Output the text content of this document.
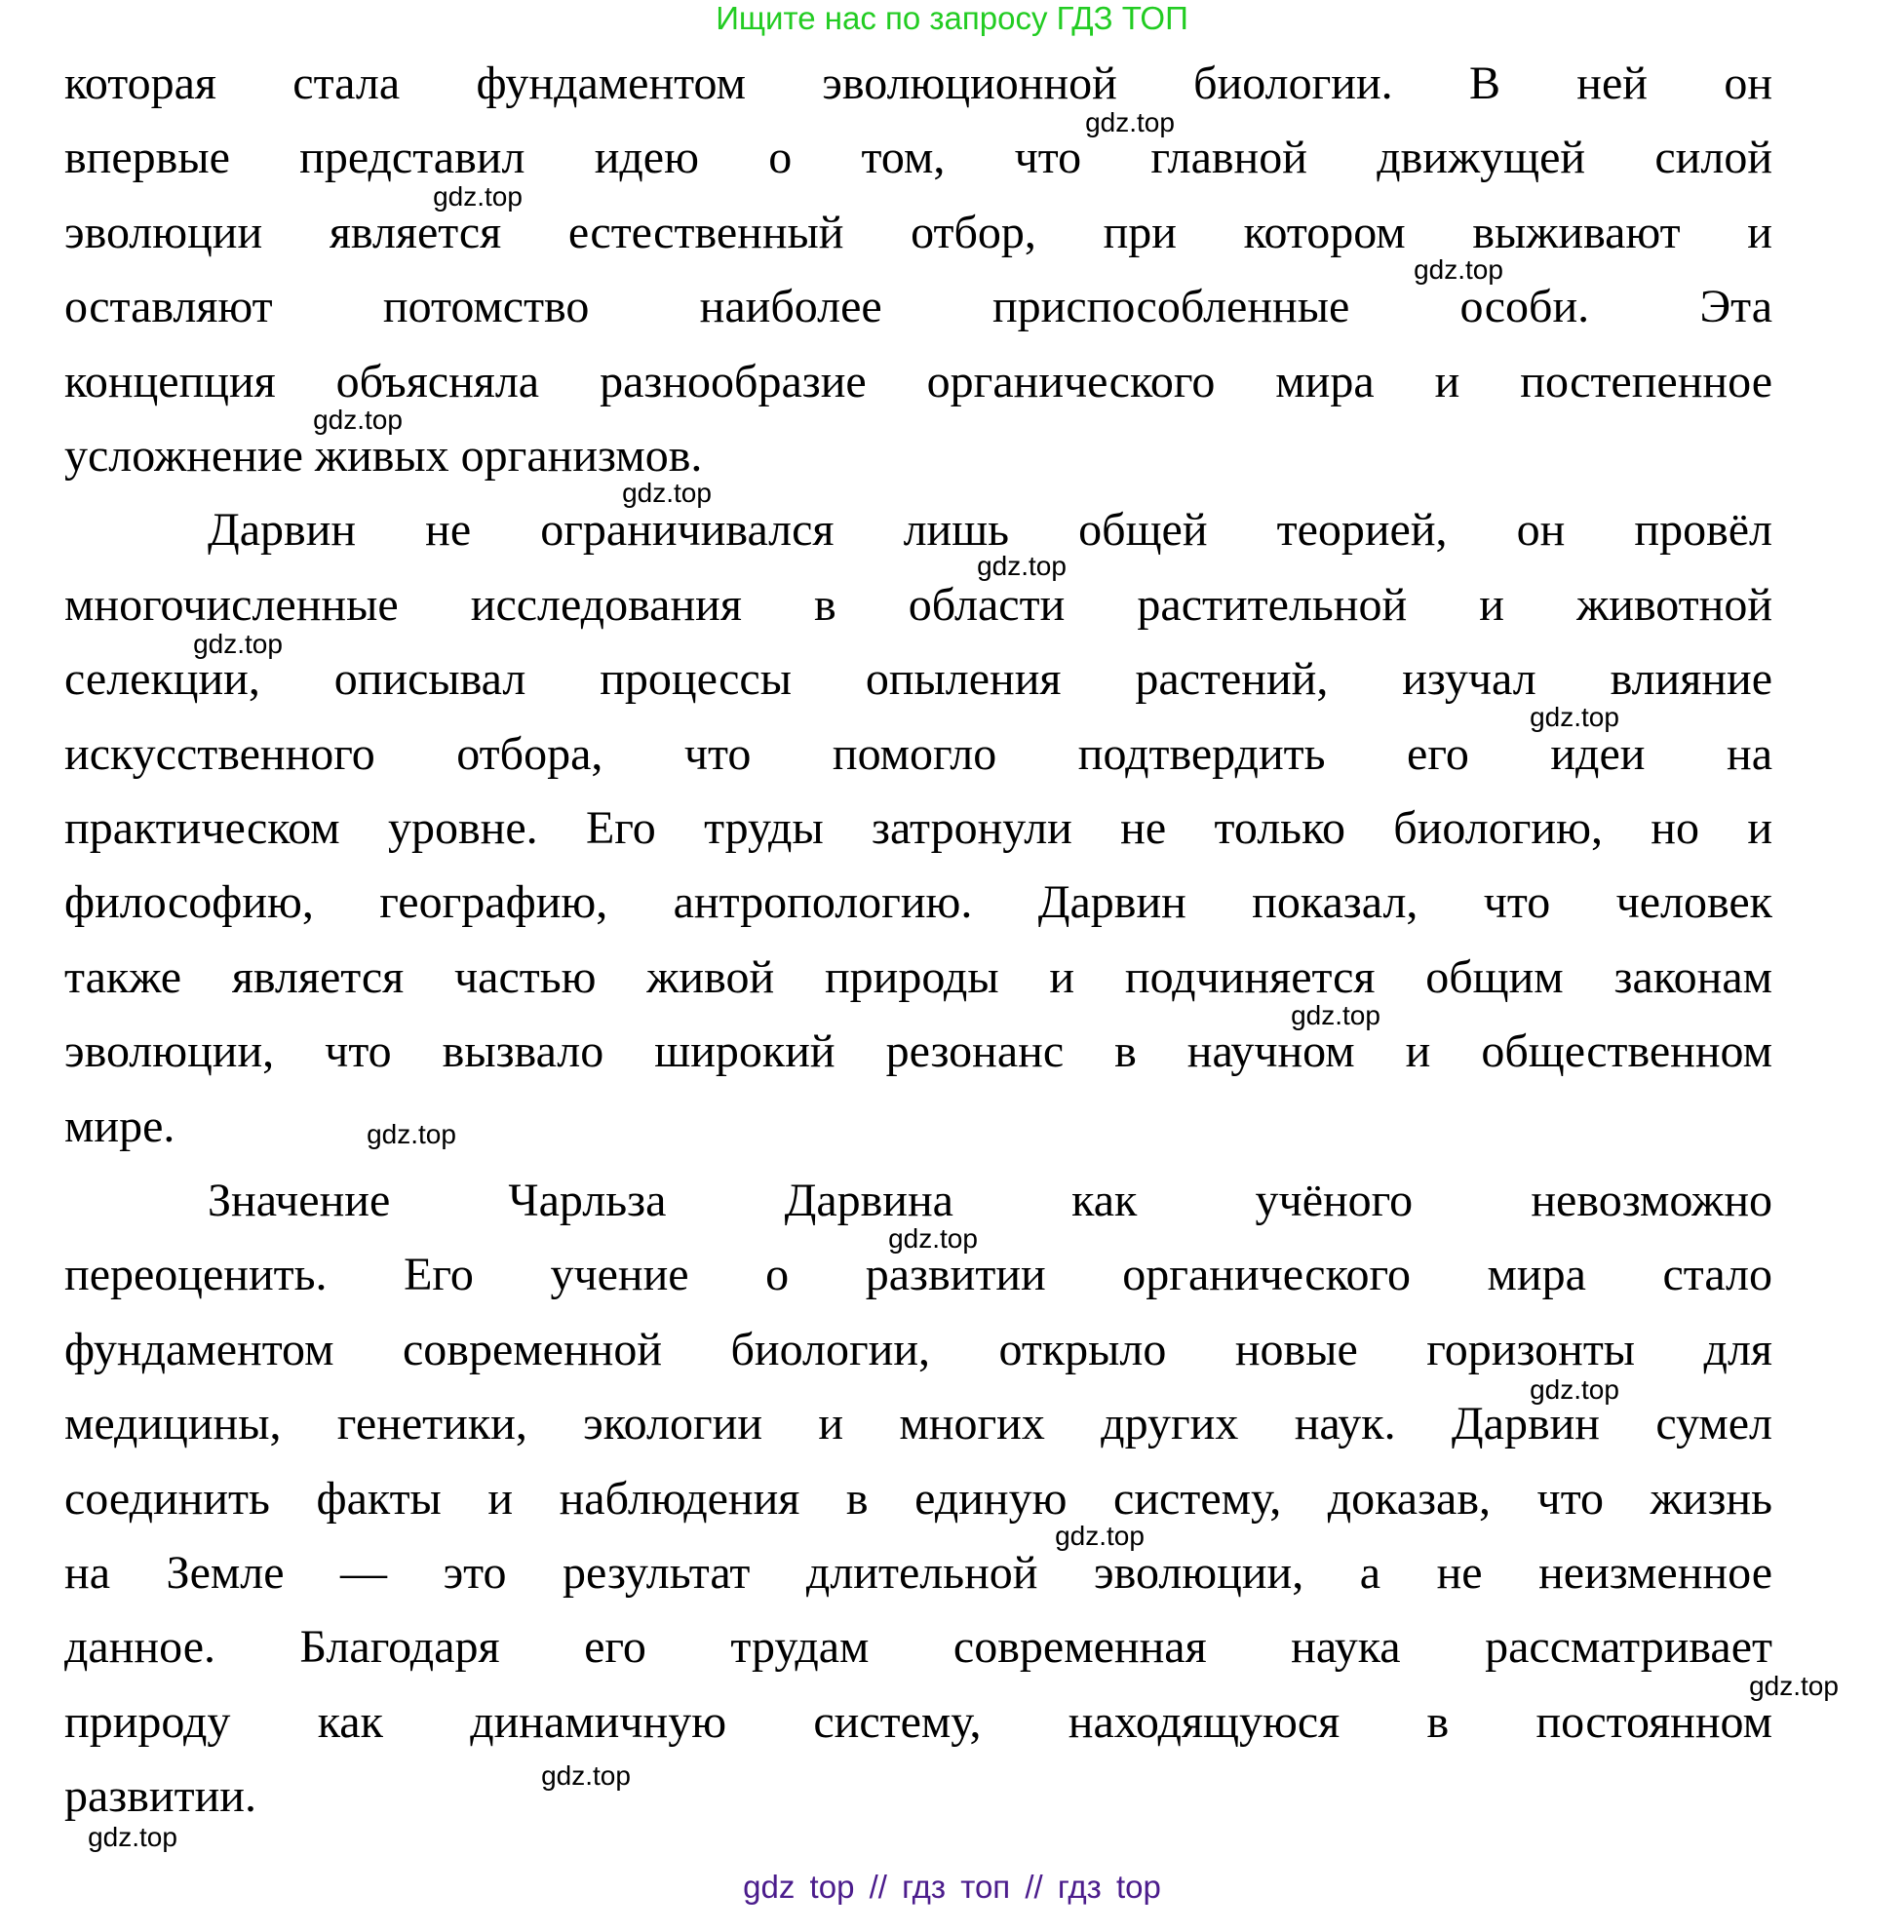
Ищите нас по запросу ГДЗ ТОП
которая стала фундаментом эволюционной биологии. В ней он
впервые представил идею о том, что главной движущей силой
эволюции является естественный отбор, при котором выживают и
оставляют потомство наиболее приспособленные особи. Эта
концепция объясняла разнообразие органического мира и постепенное
усложнение живых организмов.
Дарвин не ограничивался лишь общей теорией, он провёл
многочисленные исследования в области растительной и животной
селекции, описывал процессы опыления растений, изучал влияние
искусственного отбора, что помогло подтвердить его идеи на
практическом уровне. Его труды затронули не только биологию, но и
философию, географию, антропологию. Дарвин показал, что человек
также является частью живой природы и подчиняется общим законам
эволюции, что вызвало широкий резонанс в научном и общественном
мире.
Значение Чарльза Дарвина как учёного невозможно
переоценить. Его учение о развитии органического мира стало
фундаментом современной биологии, открыло новые горизонты для
медицины, генетики, экологии и многих других наук. Дарвин сумел
соединить факты и наблюдения в единую систему, доказав, что жизнь
на Земле — это результат длительной эволюции, а не неизменное
данное. Благодаря его трудам современная наука рассматривает
природу как динамичную систему, находящуюся в постоянном
развитии.
gdz.top
gdz.top
gdz.top
gdz.top
gdz.top
gdz.top
gdz.top
gdz.top
gdz.top
gdz.top
gdz.top
gdz.top
gdz.top
gdz.top
gdz.top
gdz.top
gdz top // гдз топ // гдз top
